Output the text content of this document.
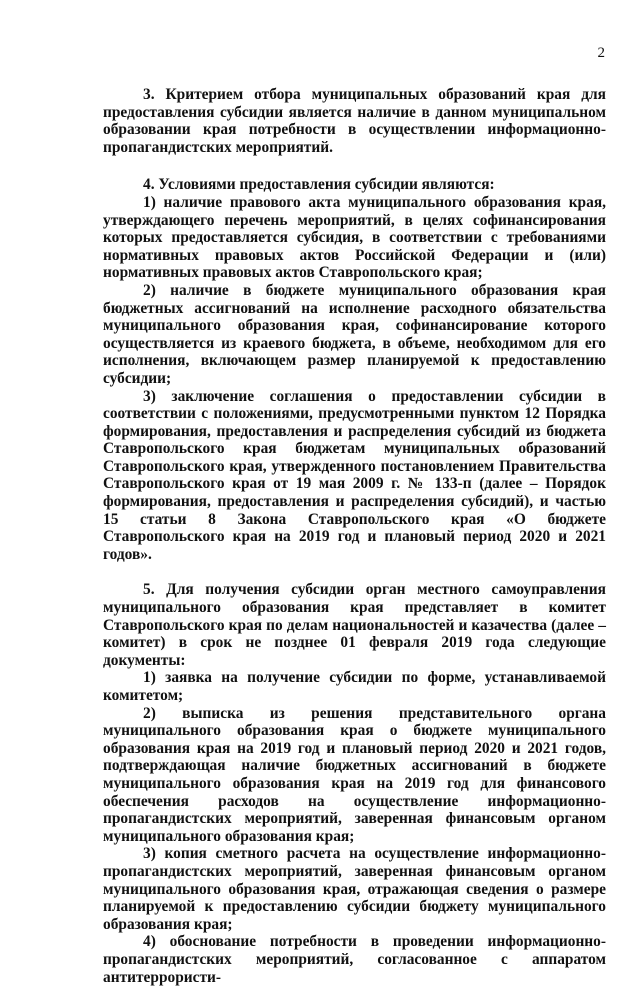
2

3. Критерием отбора муниципальных образований края для предоставления субсидии является наличие в данном муниципальном образовании края потребности в осуществлении информационно-пропагандистских мероприятий.

4. Условиями предоставления субсидии являются:

1) наличие правового акта муниципального образования края, утверждающего перечень мероприятий, в целях софинансирования которых предоставляется субсидия, в соответствии с требованиями нормативных правовых актов Российской Федерации и (или) нормативных правовых актов Ставропольского края;

2) наличие в бюджете муниципального образования края бюджетных ассигнований на исполнение расходного обязательства муниципального образования края, софинансирование которого осуществляется из краевого бюджета, в объеме, необходимом для его исполнения, включающем размер планируемой к предоставлению субсидии;

3) заключение соглашения о предоставлении субсидии в соответствии с положениями, предусмотренными пунктом 12 Порядка формирования, предоставления и распределения субсидий из бюджета Ставропольского края бюджетам муниципальных образований Ставропольского края, утвержденного постановлением Правительства Ставропольского края от 19 мая 2009 г. № 133-п (далее – Порядок формирования, предоставления и распределения субсидий), и частью 15 статьи 8 Закона Ставропольского края «О бюджете Ставропольского края на 2019 год и плановый период 2020 и 2021 годов».

5. Для получения субсидии орган местного самоуправления муниципального образования края представляет в комитет Ставропольского края по делам национальностей и казачества (далее – комитет) в срок не позднее 01 февраля 2019 года следующие документы:

1) заявка на получение субсидии по форме, устанавливаемой комитетом;

2) выписка из решения представительного органа муниципального образования края о бюджете муниципального образования края на 2019 год и плановый период 2020 и 2021 годов, подтверждающая наличие бюджетных ассигнований в бюджете муниципального образования края на 2019 год для финансового обеспечения расходов на осуществление информационно-пропагандистских мероприятий, заверенная финансовым органом муниципального образования края;

3) копия сметного расчета на осуществление информационно-пропагандистских мероприятий, заверенная финансовым органом муниципального образования края, отражающая сведения о размере планируемой к предоставлению субсидии бюджету муниципального образования края;

4) обоснование потребности в проведении информационно-пропагандистских мероприятий, согласованное с аппаратом антитеррористи-
